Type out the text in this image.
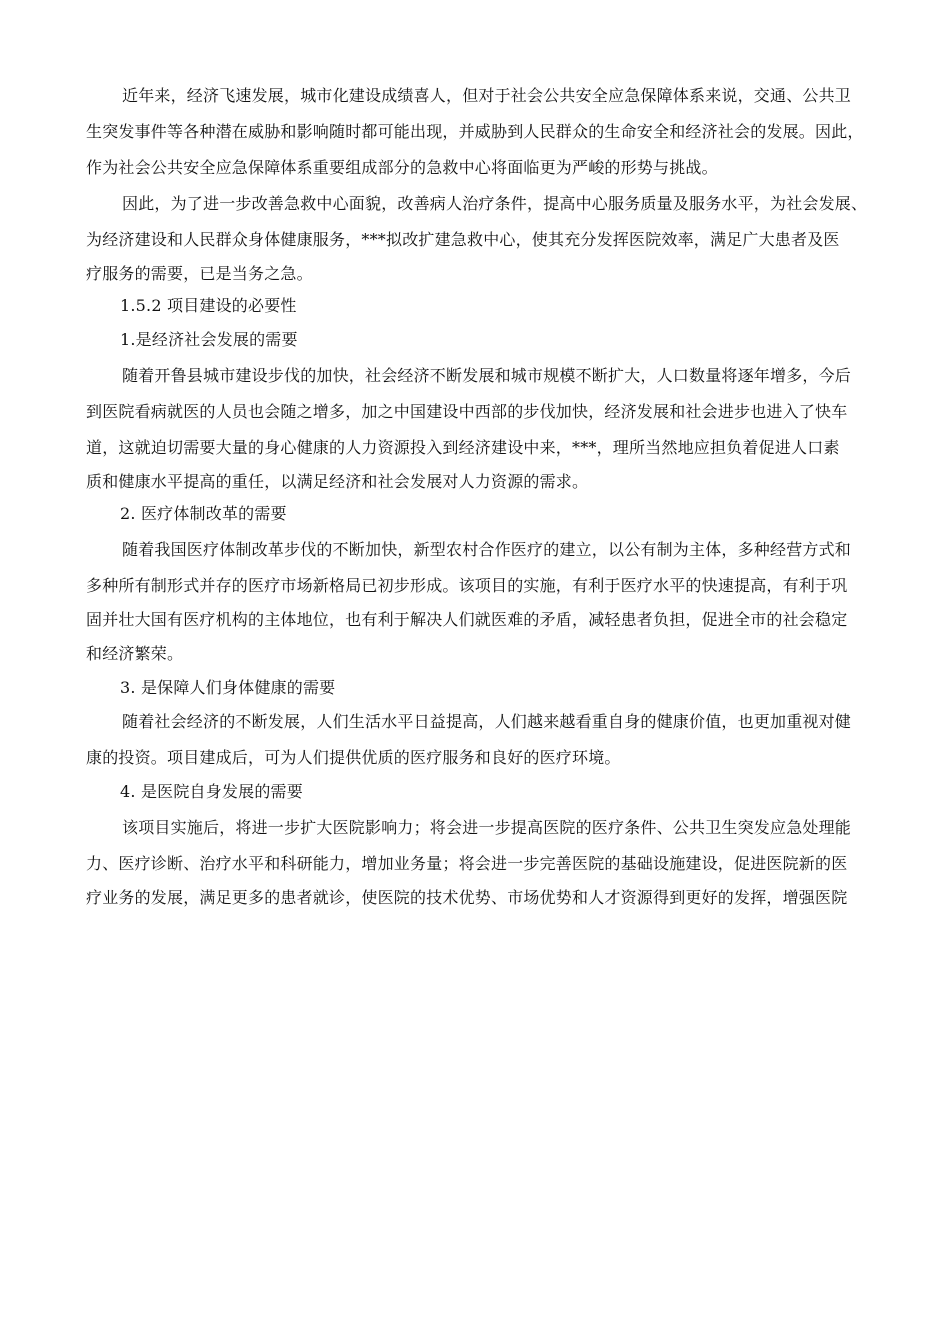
近年来，经济飞速发展，城市化建设成绩喜人，但对于社会公共安全应急保障体系来说，交通、公共卫

生突发事件等各种潜在威胁和影响随时都可能出现，并威胁到人民群众的生命安全和经济社会的发展。因此，

作为社会公共安全应急保障体系重要组成部分的急救中心将面临更为严峻的形势与挑战。

因此，为了进一步改善急救中心面貌，改善病人治疗条件，提高中心服务质量及服务水平，为社会发展、

为经济建设和人民群众身体健康服务，***拟改扩建急救中心，使其充分发挥医院效率，满足广大患者及医

疗服务的需要，已是当务之急。

1.5.2 项目建设的必要性

1.是经济社会发展的需要

随着开鲁县城市建设步伐的加快，社会经济不断发展和城市规模不断扩大，人口数量将逐年增多，今后

到医院看病就医的人员也会随之增多，加之中国建设中西部的步伐加快，经济发展和社会进步也进入了快车

道，这就迫切需要大量的身心健康的人力资源投入到经济建设中来，***，理所当然地应担负着促进人口素

质和健康水平提高的重任，以满足经济和社会发展对人力资源的需求。

2. 医疗体制改革的需要

随着我国医疗体制改革步伐的不断加快，新型农村合作医疗的建立，以公有制为主体，多种经营方式和

多种所有制形式并存的医疗市场新格局已初步形成。该项目的实施，有利于医疗水平的快速提高，有利于巩

固并壮大国有医疗机构的主体地位，也有利于解决人们就医难的矛盾，减轻患者负担，促进全市的社会稳定

和经济繁荣。

3. 是保障人们身体健康的需要

随着社会经济的不断发展，人们生活水平日益提高，人们越来越看重自身的健康价值，也更加重视对健

康的投资。项目建成后，可为人们提供优质的医疗服务和良好的医疗环境。

4. 是医院自身发展的需要

该项目实施后，将进一步扩大医院影响力；将会进一步提高医院的医疗条件、公共卫生突发应急处理能

力、医疗诊断、治疗水平和科研能力，增加业务量；将会进一步完善医院的基础设施建设，促进医院新的医

疗业务的发展，满足更多的患者就诊，使医院的技术优势、市场优势和人才资源得到更好的发挥，增强医院
